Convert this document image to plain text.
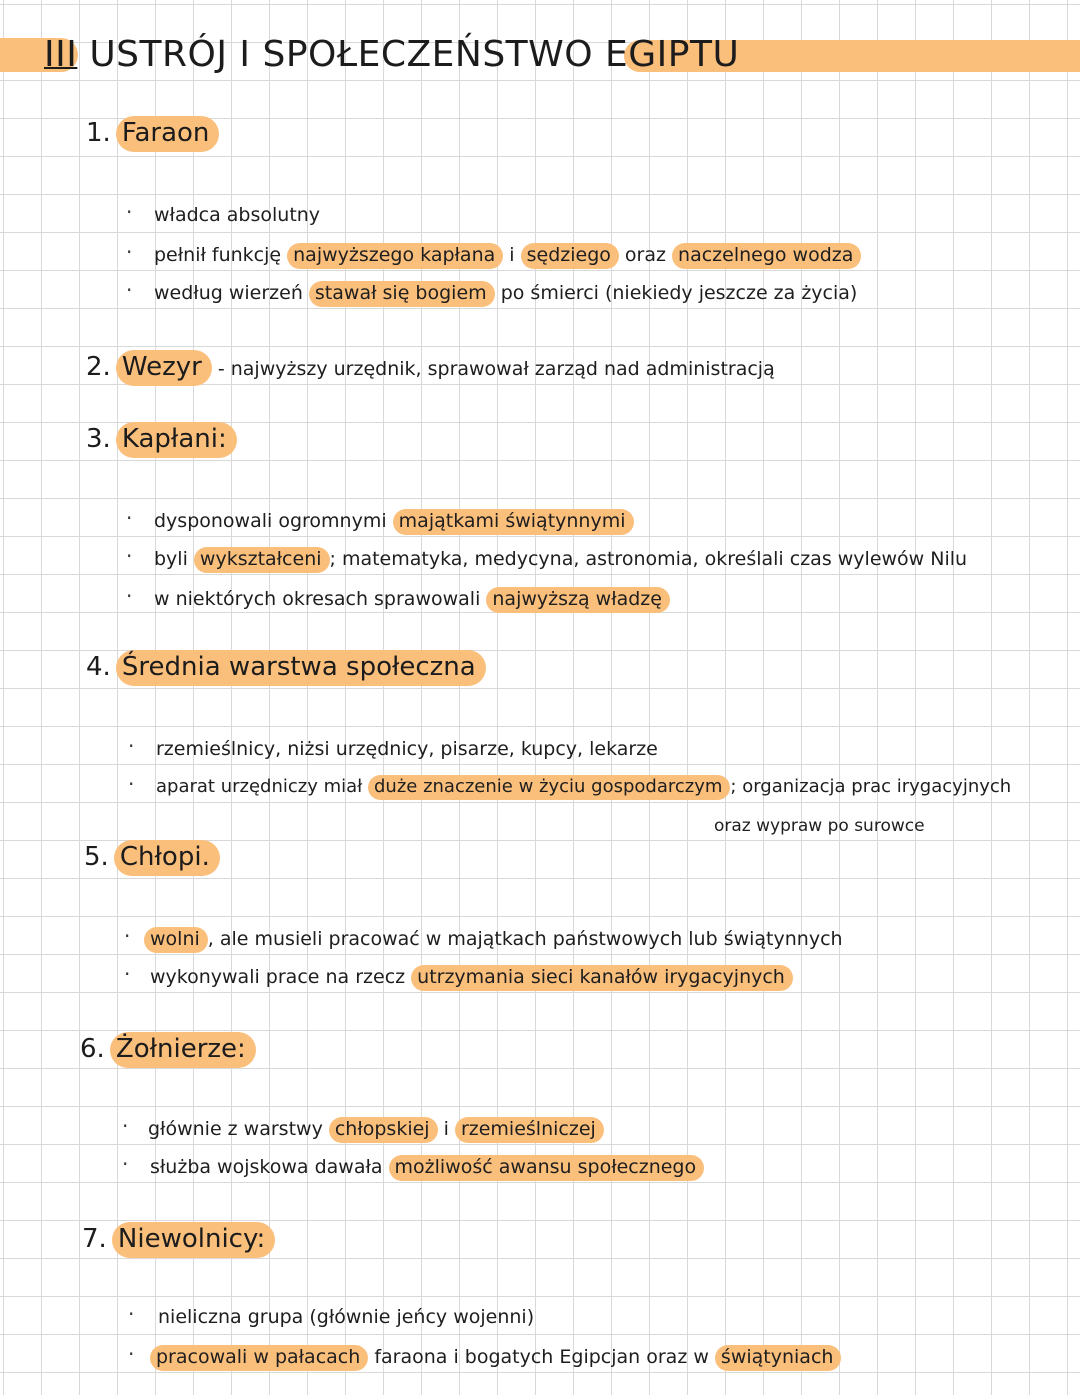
III USTRÓJ I SPOŁECZEŃSTWO EGIPTU
1. Faraon
· władca absolutny
· pełnił funkcję najwyższego kapłana i sędziego oraz naczelnego wodza
· według wierzeń stawał się bogiem po śmierci (niekiedy jeszcze za życia)
2. Wezyr - najwyższy urzędnik, sprawował zarząd nad administracją
3. Kapłani:
· dysponowali ogromnymi majątkami świątynnymi
· byli wykształceni ; matematyka, medycyna, astronomia, określali czas wylewów Nilu
· w niektórych okresach sprawowali najwyższą władzę
4. Średnia warstwa społeczna
· rzemieślnicy, niżsi urzędnicy, pisarze, kupcy, lekarze
· aparat urzędniczy miał duże znaczenie w życiu gospodarczym ; organizacja prac irygacyjnych
oraz wypraw po surowce
5. Chłopi.
·	wolni , ale musieli pracować w majątkach państwowych lub świątynnych
· wykonywali prace na rzecz utrzymania sieci kanałów irygacyjnych
6. Żołnierze:
· głównie z warstwy chłopskiej i rzemieślniczej
· służba wojskowa dawała możliwość awansu społecznego
7. Niewolnicy:
· nieliczna grupa (głównie jeńcy wojenni)
·	pracowali w pałacach faraona i bogatych Egipcjan oraz w świątyniach
